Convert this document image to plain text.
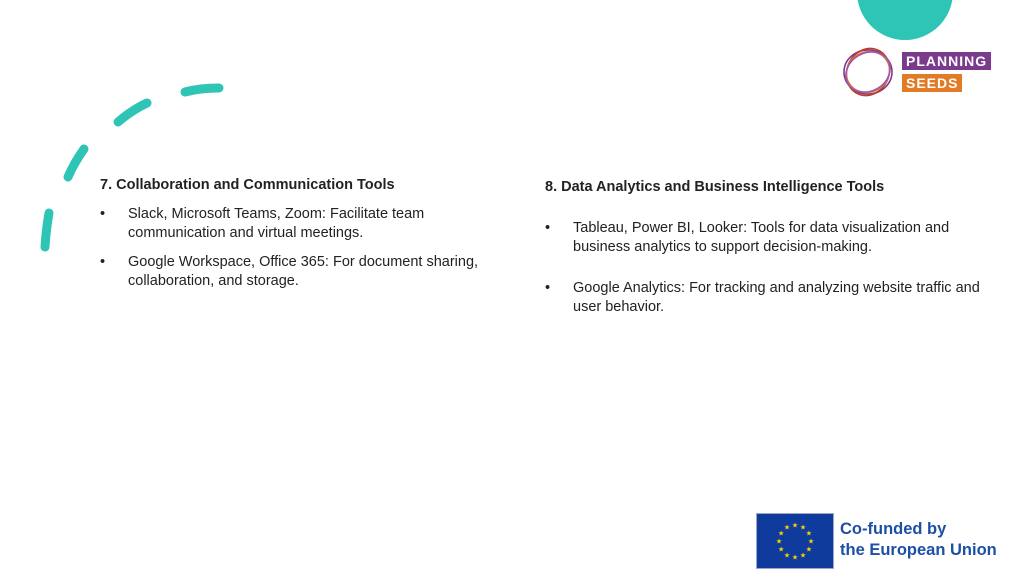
PLANNING
SEEDS
7. Collaboration and Communication Tools
• Slack, Microsoft Teams, Zoom: Facilitate team communication and virtual meetings.
• Google Workspace, Office 365: For document sharing, collaboration, and storage.
8. Data Analytics and Business Intelligence Tools
• Tableau, Power BI, Looker: Tools for data visualization and business analytics to support decision-making.
• Google Analytics: For tracking and analyzing website traffic and user behavior.
★ ★
★
★
★
★
★
★
★
★
★
★	Co-funded by
the European Union
